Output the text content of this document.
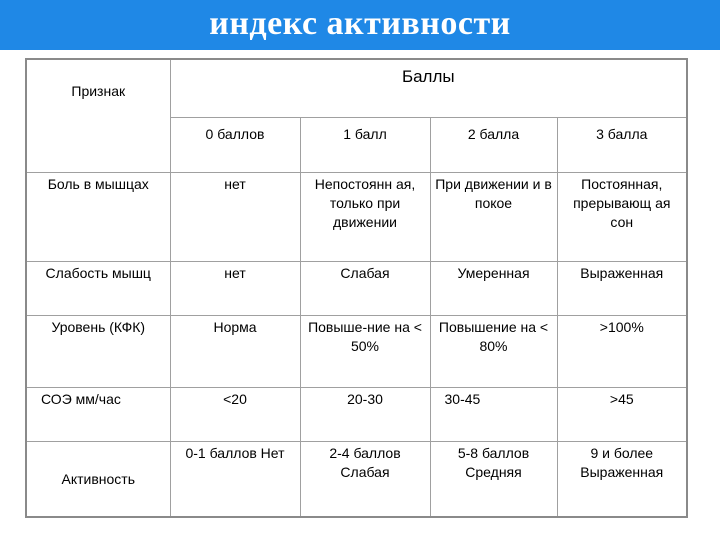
индекс активности
Признак	Баллы			
	0 баллов	1 балл	2 балла	3 балла
Боль в мышцах	нет	Непостоянн ая, только при движении	При движении и в покое	Постоянная, прерывающ ая сон
Слабость мышц	нет	Слабая	Умеренная	Выраженная
Уровень (КФК)	Норма	Повыше-ние на < 50%	Повышение на < 80%	>100%
СОЭ мм/час	<20	20-30	30-45	>45
Активность	0-1 баллов Нет	2-4 баллов Слабая	5-8 баллов Средняя	9 и более Выраженная
